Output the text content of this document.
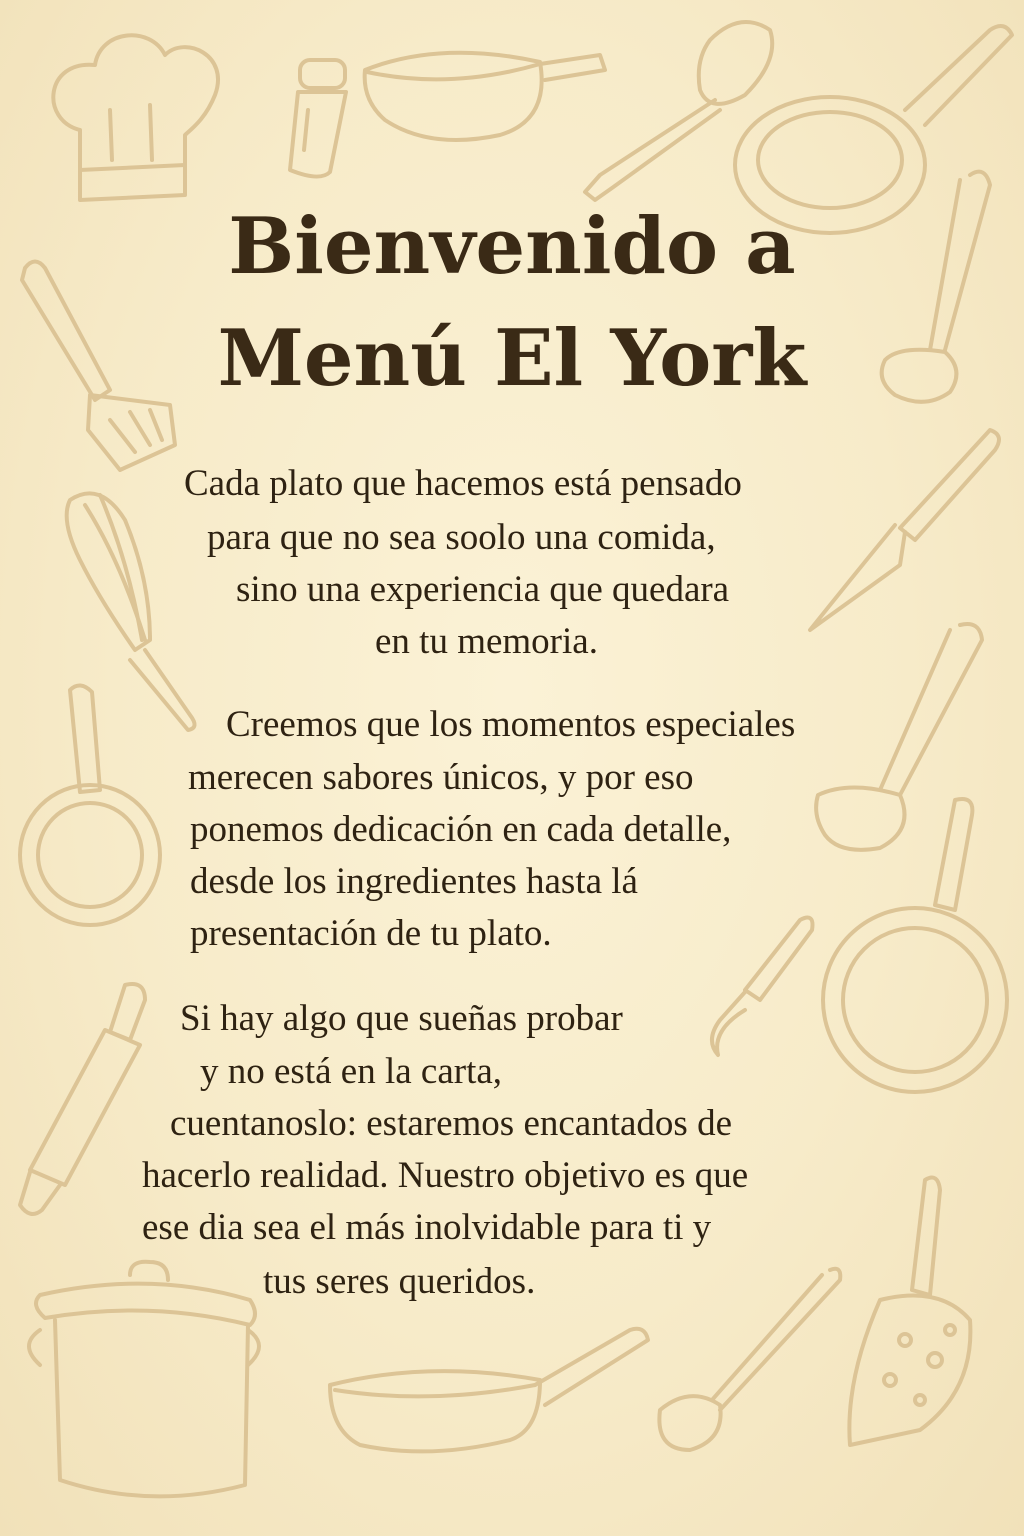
Bienvenido a
Menú El York
Cada plato que hacemos está pensado
para que no sea soolo una comida,
sino una experiencia que quedara
en tu memoria.
Creemos que los momentos especiales
merecen sabores únicos, y por eso
ponemos dedicación en cada detalle,
desde los ingredientes hasta lá
presentación de tu plato.
Si hay algo que sueñas probar
y no está en la carta,
cuentanoslo: estaremos encantados de
hacerlo realidad. Nuestro objetivo es que
ese dia sea el más inolvidable para ti y
tus seres queridos.
